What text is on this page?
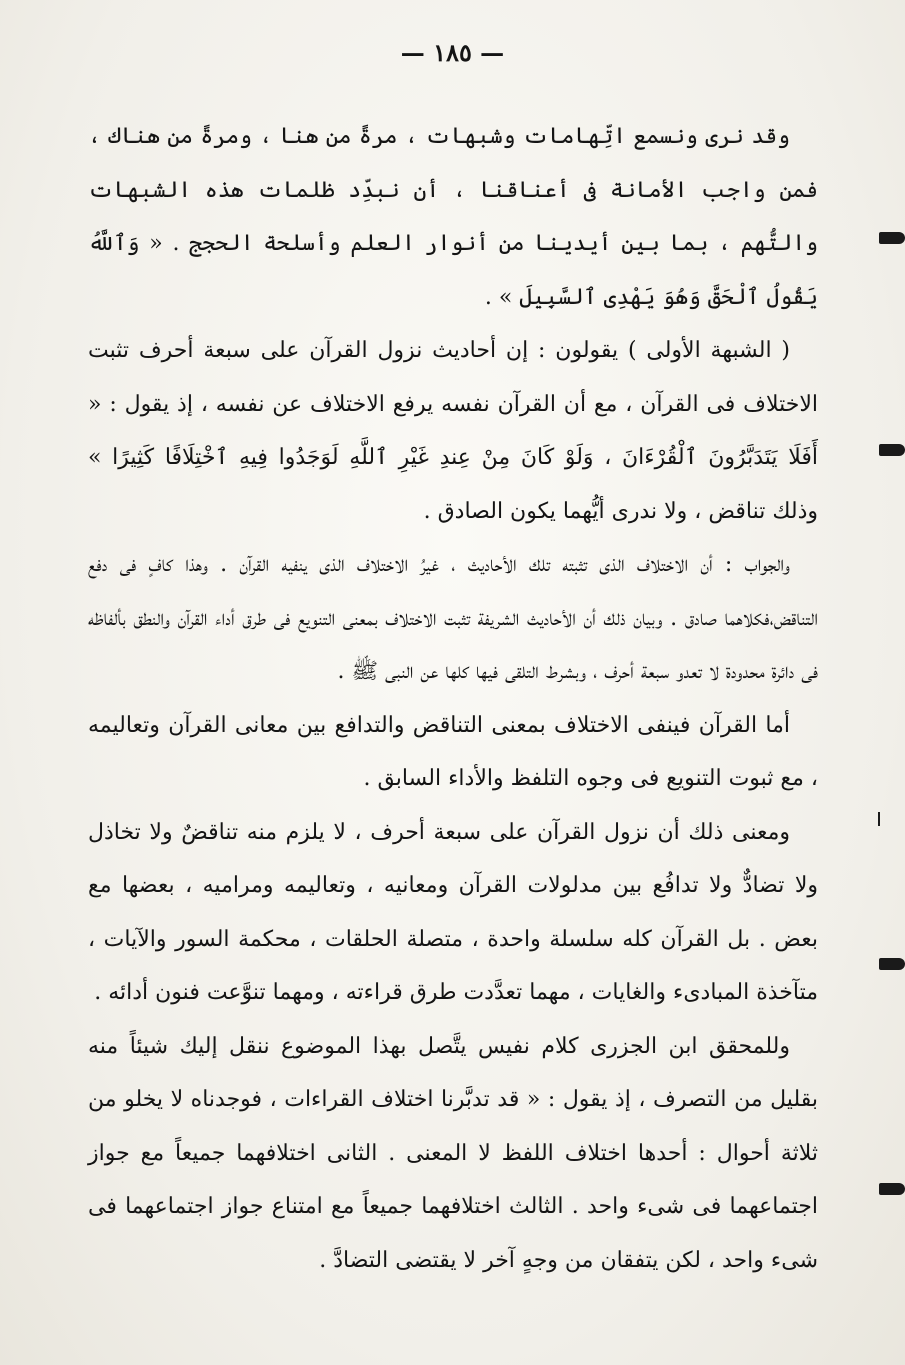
— ١٨٥ —

وقد نرى ونسمع اتِّهامات وشبهات ، مرةً من هنا ، ومرةً من هناك ، فمن واجب الأمانة فى أعناقنا ، أن نبدِّد ظلمات هذه الشبهات والتُّهم ، بما بين أيدينا من أنوار العلم وأسلحة الحجج . « وَٱللَّهُ يَقُولُ ٱلْحَقَّ وَهُوَ يَهْدِى ٱلسَّبِيلَ » .

( الشبهة الأولى ) يقولون : إن أحاديث نزول القرآن على سبعة أحرف تثبت الاختلاف فى القرآن ، مع أن القرآن نفسه يرفع الاختلاف عن نفسه ، إذ يقول : « أَفَلَا يَتَدَبَّرُونَ ٱلْقُرْءَانَ ، وَلَوْ كَانَ مِنْ عِندِ غَيْرِ ٱللَّهِ لَوَجَدُوا فِيهِ ٱخْتِلَافًا كَثِيرًا » وذلك تناقض ، ولا ندرى أيُّهما يكون الصادق .

والجواب : أن الاختلاف الذى تثبته تلك الأحاديث ، غيرُ الاختلاف الذى ينفيه القرآن . وهذا كافٍ فى دفع التناقض،فكلاهما صادق . وبيان ذلك أن الأحاديث الشريفة تثبت الاختلاف بمعنى التنويع فى طرق أداء القرآن والنطق بألفاظه فى دائرة محدودة لا تعدو سبعة أحرف ، وبشرط التلقى فيها كلها عن النبى ﷺ .

أما القرآن فينفى الاختلاف بمعنى التناقض والتدافع بين معانى القرآن وتعاليمه ، مع ثبوت التنويع فى وجوه التلفظ والأداء السابق .

ومعنى ذلك أن نزول القرآن على سبعة أحرف ، لا يلزم منه تناقضٌ ولا تخاذل ولا تضادٌّ ولا تدافُع بين مدلولات القرآن ومعانيه ، وتعاليمه ومراميه ، بعضها مع بعض . بل القرآن كله سلسلة واحدة ، متصلة الحلقات ، محكمة السور والآيات ، متآخذة المبادىء والغايات ، مهما تعدَّدت طرق قراءته ، ومهما تنوَّعت فنون أدائه .

وللمحقق ابن الجزرى كلام نفيس يتَّصل بهذا الموضوع ننقل إليك شيئاً منه بقليل من التصرف ، إذ يقول : « قد تدبَّرنا اختلاف القراءات ، فوجدناه لا يخلو من ثلاثة أحوال : أحدها اختلاف اللفظ لا المعنى . الثانى اختلافهما جميعاً مع جواز اجتماعهما فى شىء واحد . الثالث اختلافهما جميعاً مع امتناع جواز اجتماعهما فى شىء واحد ، لكن يتفقان من وجهٍ آخر لا يقتضى التضادَّ .
